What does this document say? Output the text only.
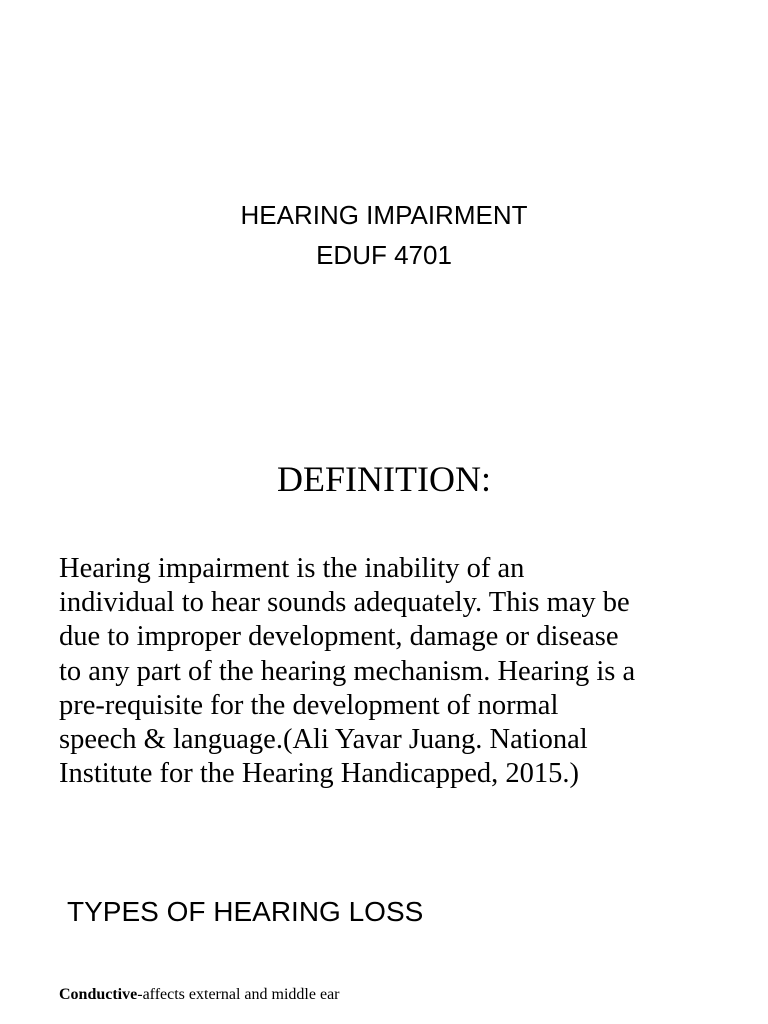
HEARING IMPAIRMENT
EDUF 4701
DEFINITION:
Hearing impairment is the inability of an
individual to hear sounds adequately. This may be
due to improper development, damage or disease
to any part of the hearing mechanism. Hearing is a
pre-requisite for the development of normal
speech & language.(Ali Yavar Juang. National
Institute for the Hearing Handicapped, 2015.)
TYPES OF HEARING LOSS
Conductive-affects external and middle ear
